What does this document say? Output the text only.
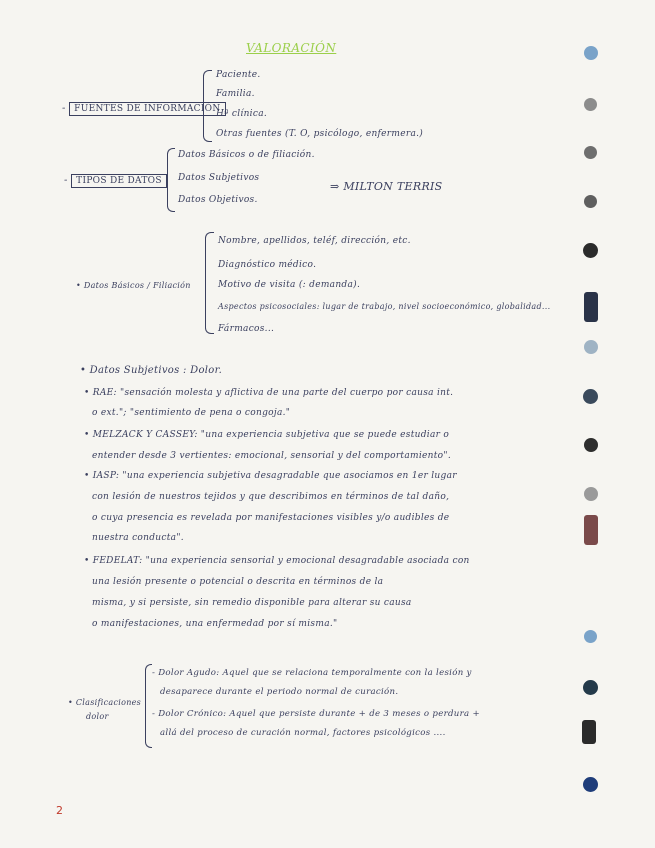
VALORACIÓN
- FUENTES DE INFORMACIÓN
Paciente.
Familia.
Hª clínica.
Otras fuentes (T. O, psicólogo, enfermera.)
- TIPOS DE DATOS
Datos Básicos o de filiación.
Datos Subjetivos
Datos Objetivos.
⇒ MILTON TERRIS
• Datos Básicos / Filiación
Nombre, apellidos, teléf, dirección, etc.
Diagnóstico médico.
Motivo de visita (: demanda).
Aspectos psicosociales: lugar de trabajo, nivel socioeconómico, globalidad...
Fármacos...
• Datos Subjetivos : Dolor.
• RAE: "sensación molesta y aflictiva de una parte del cuerpo por causa int.
o ext."; "sentimiento de pena o congoja."
• MELZACK Y CASSEY: "una experiencia subjetiva que se puede estudiar o
entender desde 3 vertientes: emocional, sensorial y del comportamiento".
• IASP: "una experiencia subjetiva desagradable que asociamos en 1er lugar
con lesión de nuestros tejidos y que describimos en términos de tal daño,
o cuya presencia es revelada por manifestaciones visibles y/o audibles de
nuestra conducta".
• FEDELAT: "una experiencia sensorial y emocional desagradable asociada con
una lesión presente o potencial o descrita en términos de la
misma, y si persiste, sin remedio disponible para alterar su causa
o manifestaciones, una enfermedad por sí misma."
• Clasificaciones
dolor
- Dolor Agudo: Aquel que se relaciona temporalmente con la lesión y
desaparece durante el periodo normal de curación.
- Dolor Crónico: Aquel que persiste durante + de 3 meses o perdura +
allá del proceso de curación normal, factores psicológicos ....
2
